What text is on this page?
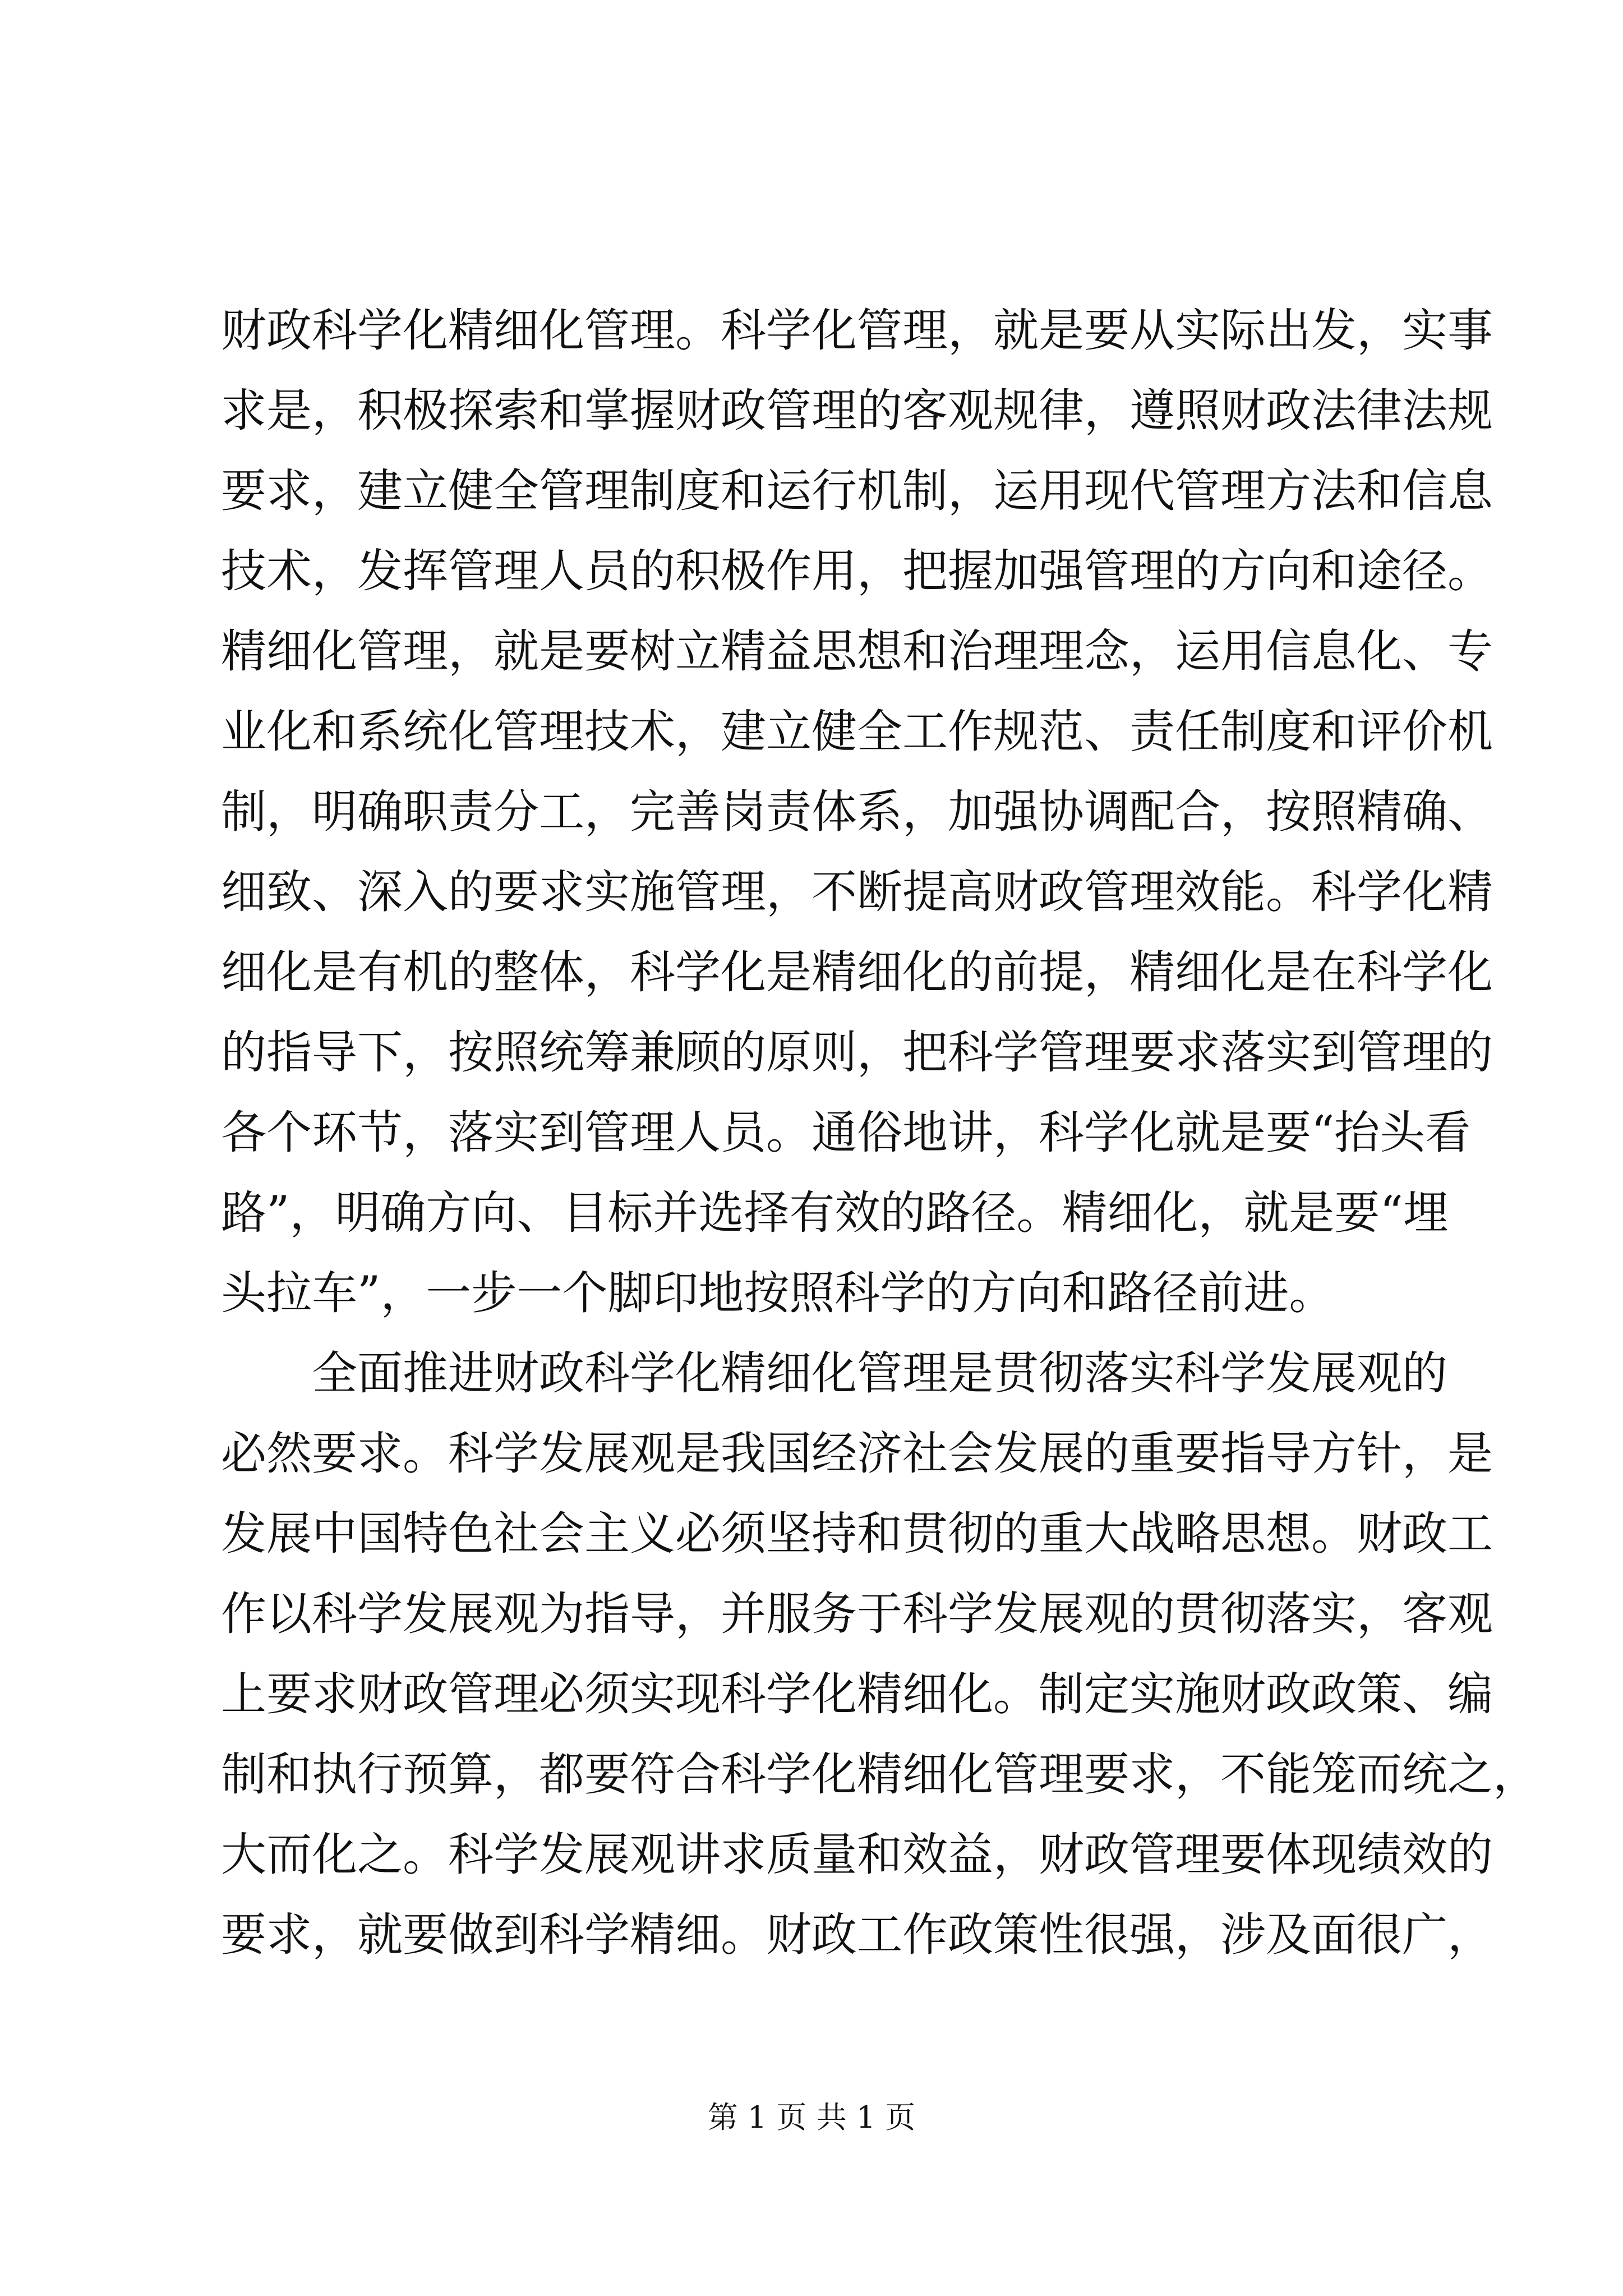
财政科学化精细化管理。科学化管理，就是要从实际出发，实事
求是，积极探索和掌握财政管理的客观规律，遵照财政法律法规
要求，建立健全管理制度和运行机制，运用现代管理方法和信息
技术，发挥管理人员的积极作用，把握加强管理的方向和途径。
精细化管理，就是要树立精益思想和治理理念，运用信息化、专
业化和系统化管理技术，建立健全工作规范、责任制度和评价机
制，明确职责分工，完善岗责体系，加强协调配合，按照精确、
细致、深入的要求实施管理，不断提高财政管理效能。科学化精
细化是有机的整体，科学化是精细化的前提，精细化是在科学化
的指导下，按照统筹兼顾的原则，把科学管理要求落实到管理的
各个环节，落实到管理人员。通俗地讲，科学化就是要“抬头看
路”，明确方向、目标并选择有效的路径。精细化，就是要“埋
头拉车”，一步一个脚印地按照科学的方向和路径前进。
　　全面推进财政科学化精细化管理是贯彻落实科学发展观的
必然要求。科学发展观是我国经济社会发展的重要指导方针，是
发展中国特色社会主义必须坚持和贯彻的重大战略思想。财政工
作以科学发展观为指导，并服务于科学发展观的贯彻落实，客观
上要求财政管理必须实现科学化精细化。制定实施财政政策、编
制和执行预算，都要符合科学化精细化管理要求，不能笼而统之，
大而化之。科学发展观讲求质量和效益，财政管理要体现绩效的
要求，就要做到科学精细。财政工作政策性很强，涉及面很广，
第 1 页 共 1 页
